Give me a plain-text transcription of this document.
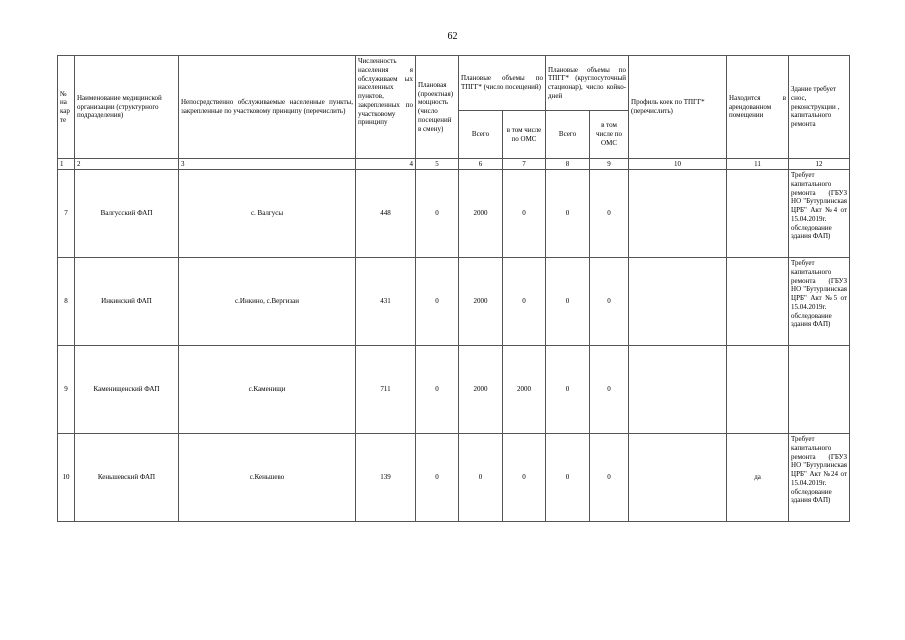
62
№ на кар те	Наименование медицинской организации (структурного подразделения)	Непосредственно обслуживаемые населенные пункты, закрепленные по участковому принципу (перечислить)	Численность населения я обслуживаем ых населенных пунктов, закрепленных по участковому принципу	Плановая (проектная) мощность (число посещений в смену)	Плановые объемы по ТПГГ* (число посещений)		Плановые объемы по ТПГГ* (круглосуточный стационар), число койко-дней		Профиль коек по ТПГГ* (перечислить)	Находится в арендованном помещении	Здание требует снос, реконструкции , капитального ремонта
					Всего	в том числе по ОМС	Всего	в том числе по ОМС			
1	2	3	4	5	6	7	8	9	10	11	12
7	Валгусский ФАП	с. Валгусы	448	0	2000	0	0	0			Требует капитального ремонта (ГБУЗ НО "Бутурлинская ЦРБ" Акт №4 от 15.04.2019г. обследование здания ФАП)
8	Инкинский ФАП	с.Инкино, с.Вергизаи	431	0	2000	0	0	0			Требует капитального ремонта (ГБУЗ НО "Бутурлинская ЦРБ" Акт №5 от 15.04.2019г. обследование здания ФАП)
9	Каменищенский ФАП	с.Каменищи	711	0	2000	2000	0	0			
10	Кеньшевский ФАП	с.Кеньшево	139	0	0	0	0	0		да	Требует капитального ремонта (ГБУЗ НО "Бутурлинская ЦРБ" Акт №24 от 15.04.2019г. обследование здания ФАП)
